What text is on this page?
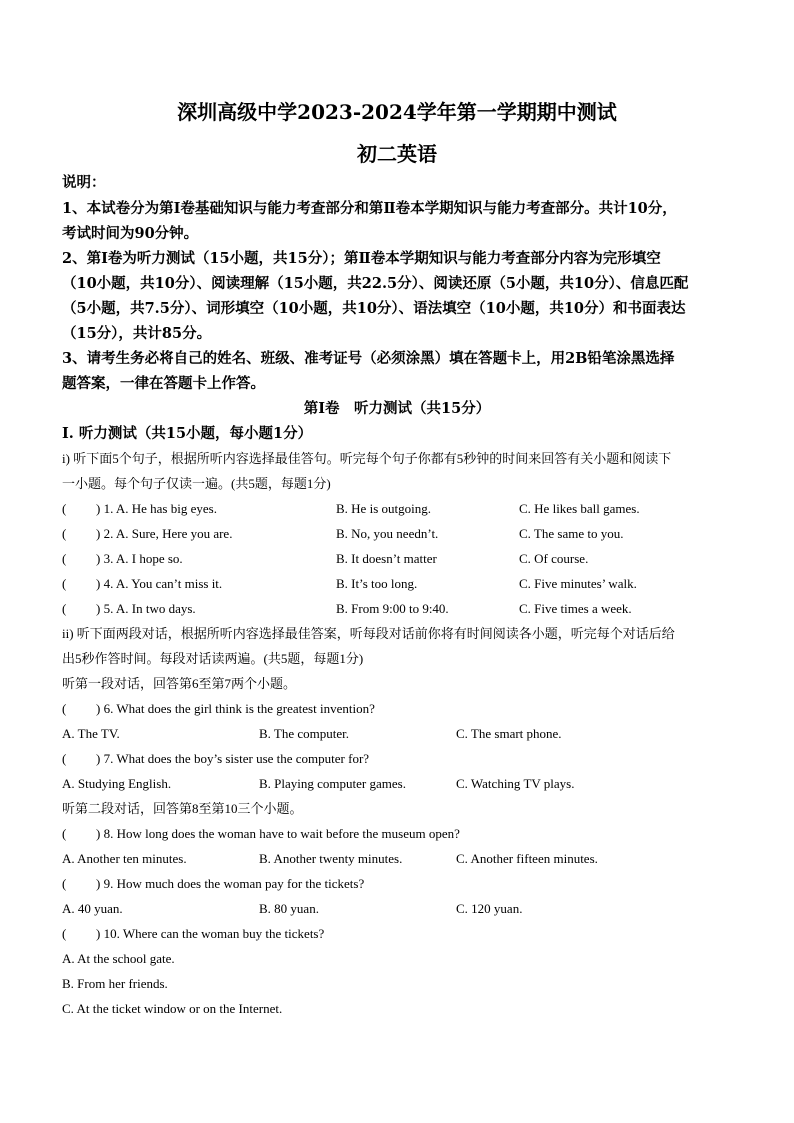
深圳高级中学2023-2024学年第一学期期中测试
初二英语
说明：
1、本试卷分为第Ⅰ卷基础知识与能力考查部分和第Ⅱ卷本学期知识与能力考查部分。共计10分，
考试时间为90分钟。
2、第Ⅰ卷为听力测试（15小题，共15分）；第Ⅱ卷本学期知识与能力考查部分内容为完形填空
（10小题，共10分）、阅读理解（15小题，共22.5分）、阅读还原（5小题，共10分）、信息匹配
（5小题，共7.5分）、词形填空（10小题，共10分）、语法填空（10小题，共10分）和书面表达
（15分），共计85分。
3、请考生务必将自己的姓名、班级、准考证号（必须涂黑）填在答题卡上，用2B铅笔涂黑选择
题答案，一律在答题卡上作答。
第Ⅰ卷　听力测试（共15分）
Ⅰ. 听力测试（共15小题，每小题1分）
i) 听下面5个句子，根据所听内容选择最佳答句。听完每个句子你都有5秒钟的时间来回答有关小题和阅读下
一小题。每个句子仅读一遍。(共5题，每题1分)
( ) 1. A. He has big eyes.	B. He is outgoing.	C. He likes ball games.
( ) 2. A. Sure, Here you are.	B. No, you needn’t.	C. The same to you.
( ) 3. A. I hope so.	B. It doesn’t matter	C. Of course.
( ) 4. A. You can’t miss it.	B. It’s too long.	C. Five minutes’ walk.
( ) 5. A. In two days.	B. From 9:00 to 9:40.	C. Five times a week.
ii) 听下面两段对话，根据所听内容选择最佳答案，听每段对话前你将有时间阅读各小题，听完每个对话后给
出5秒作答时间。每段对话读两遍。(共5题，每题1分)
听第一段对话，回答第6至第7两个小题。
( ) 6. What does the girl think is the greatest invention?
A. The TV.	B. The computer.	C. The smart phone.
( ) 7. What does the boy’s sister use the computer for?
A. Studying English.	B. Playing computer games.	C. Watching TV plays.
听第二段对话，回答第8至第10三个小题。
( ) 8. How long does the woman have to wait before the museum open?
A. Another ten minutes.	B. Another twenty minutes.	C. Another fifteen minutes.
( ) 9. How much does the woman pay for the tickets?
A. 40 yuan.	B. 80 yuan.	C. 120 yuan.
( ) 10. Where can the woman buy the tickets?
A. At the school gate.
B. From her friends.
C. At the ticket window or on the Internet.
